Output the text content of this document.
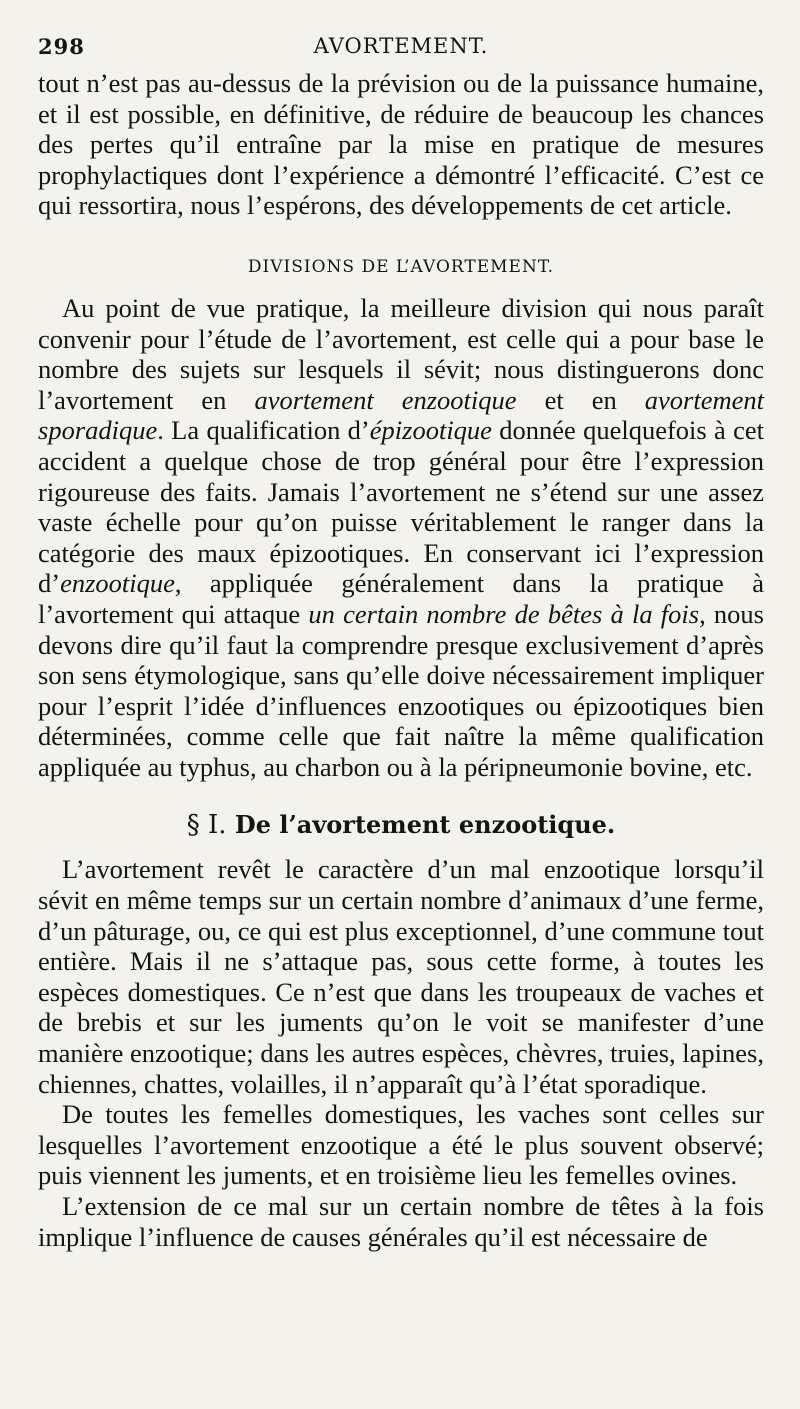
298	AVORTEMENT.

tout n’est pas au-dessus de la prévision ou de la puissance humaine, et il est possible, en définitive, de réduire de beaucoup les chances des pertes qu’il entraîne par la mise en pratique de mesures prophylactiques dont l’expérience a démontré l’efficacité. C’est ce qui ressortira, nous l’espérons, des développements de cet article.

DIVISIONS DE L’AVORTEMENT.

Au point de vue pratique, la meilleure division qui nous paraît convenir pour l’étude de l’avortement, est celle qui a pour base le nombre des sujets sur lesquels il sévit; nous distinguerons donc l’avortement en avortement enzootique et en avortement sporadique. La qualification d’épizootique donnée quelquefois à cet accident a quelque chose de trop général pour être l’expression rigoureuse des faits. Jamais l’avortement ne s’étend sur une assez vaste échelle pour qu’on puisse véritablement le ranger dans la catégorie des maux épizootiques. En conservant ici l’expression d’enzootique, appliquée généralement dans la pratique à l’avortement qui attaque un certain nombre de bêtes à la fois, nous devons dire qu’il faut la comprendre presque exclusivement d’après son sens étymologique, sans qu’elle doive nécessairement impliquer pour l’esprit l’idée d’influences enzootiques ou épizootiques bien déterminées, comme celle que fait naître la même qualification appliquée au typhus, au charbon ou à la péripneumonie bovine, etc.

§ I. De l’avortement enzootique.

L’avortement revêt le caractère d’un mal enzootique lorsqu’il sévit en même temps sur un certain nombre d’animaux d’une ferme, d’un pâturage, ou, ce qui est plus exceptionnel, d’une commune tout entière. Mais il ne s’attaque pas, sous cette forme, à toutes les espèces domestiques. Ce n’est que dans les troupeaux de vaches et de brebis et sur les juments qu’on le voit se manifester d’une manière enzootique; dans les autres espèces, chèvres, truies, lapines, chiennes, chattes, volailles, il n’apparaît qu’à l’état sporadique.

De toutes les femelles domestiques, les vaches sont celles sur lesquelles l’avortement enzootique a été le plus souvent observé; puis viennent les juments, et en troisième lieu les femelles ovines.

L’extension de ce mal sur un certain nombre de têtes à la fois implique l’influence de causes générales qu’il est nécessaire de
